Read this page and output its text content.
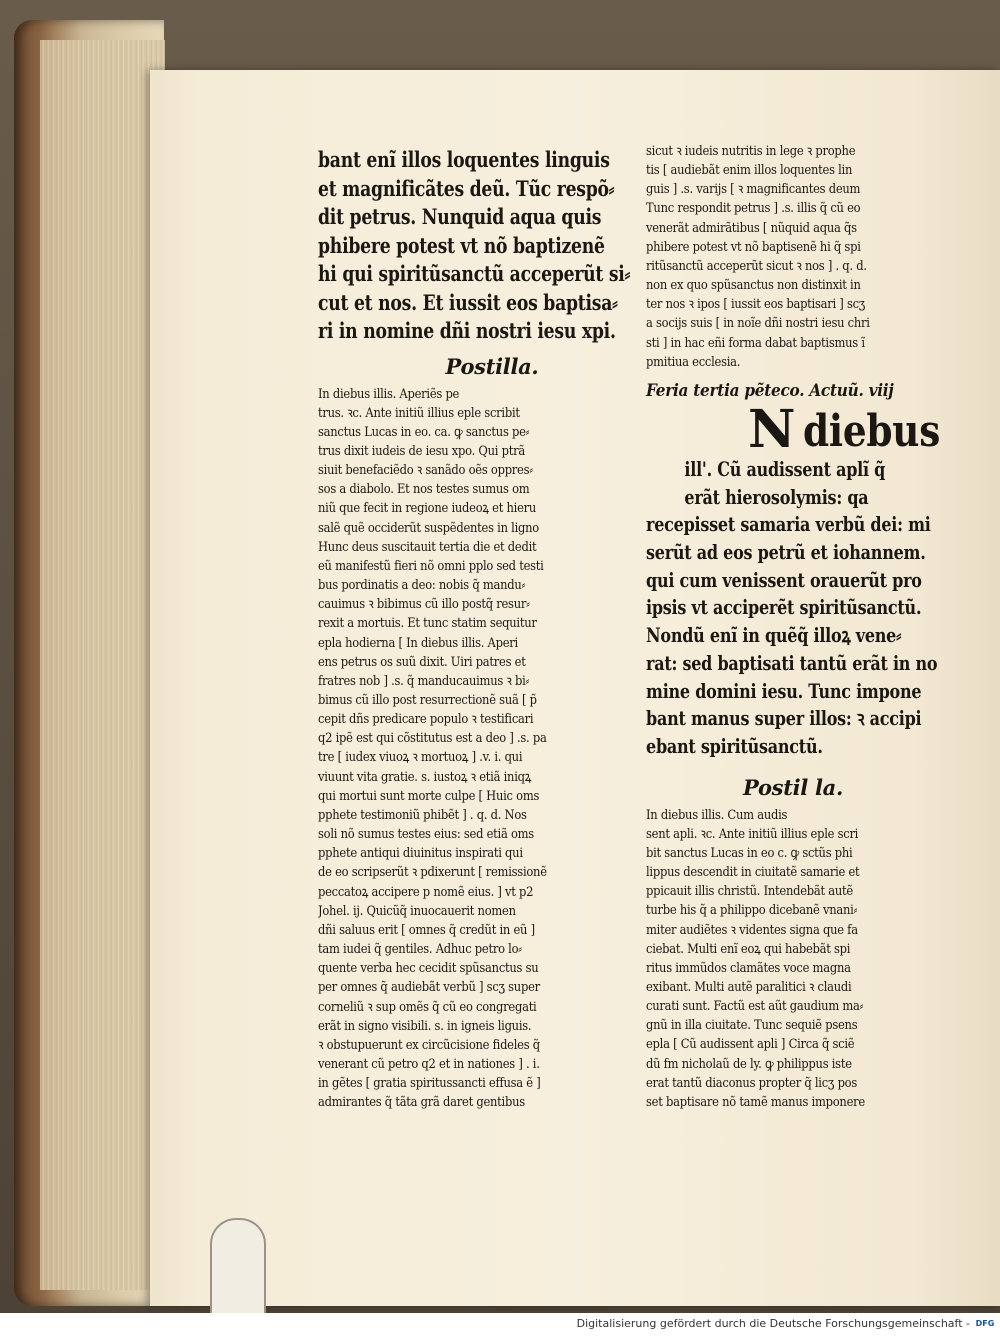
bant enĩ illos loquentes linguis
et magnificãtes deũ. Tũc respõ⸗
dit petrus. Nunquid aqua quis
phibere potest vt nõ baptizenẽ
hi qui spiritũsanctũ acceperũt si⸗
cut et nos. Et iussit eos baptisa⸗
ri in nomine dñi nostri iesu xpi.
Postilla.
In diebus illis. Aperiẽs pe
trus. ꝛc. Ante initiũ illius eple scribit
sanctus Lucas in eo. ca. ꝙ sanctus pe⸗
trus dixit iudeis de iesu xpo. Qui ptrã
siuit benefaciẽdo ꝛ sanãdo oẽs oppres⸗
sos a diabolo. Et nos testes sumus om
niũ que fecit in regione iudeoꝝ et hieru
salẽ quẽ occiderũt suspẽdentes in ligno
Hunc deus suscitauit tertia die et dedit
eũ manifestũ fieri nõ omni pplo sed testi
bus pordinatis a deo: nobis q̃ mandu⸗
cauimus ꝛ bibimus cũ illo postq̃ resur⸗
rexit a mortuis. Et tunc statim sequitur
epla hodierna [ In diebus illis. Aperi
ens petrus os suũ dixit. Uiri patres et
fratres nob ] .s. q̃ manducauimus ꝛ bi⸗
bimus cũ illo post resurrectionẽ suã [ p̃
cepit dñs predicare populo ꝛ testificari
q2 ipẽ est qui cõstitutus est a deo ] .s. pa
tre [ iudex viuoꝝ ꝛ mortuoꝝ ] .v. i. qui
viuunt vita gratie. s. iustoꝝ ꝛ etiã iniqꝝ
qui mortui sunt morte culpe [ Huic oms
pphete testimoniũ phibẽt ] . q. d. Nos
soli nõ sumus testes eius: sed etiã oms
pphete antiqui diuinitus inspirati qui
de eo scripserũt ꝛ pdixerunt [ remissionẽ
peccatoꝝ accipere p nomẽ eius. ] vt p2
Johel. ij. Quicũq̃ inuocauerit nomen
dñi saluus erit [ omnes q̃ credũt in eũ ]
tam iudei q̃ gentiles. Adhuc petro lo⸗
quente verba hec cecidit spũsanctus su
per omnes q̃ audiebãt verbũ ] scʒ super
corneliũ ꝛ sup omẽs q̃ cũ eo congregati
erãt in signo visibili. s. in igneis liguis.
ꝛ obstupuerunt ex circũcisione fideles q̃
venerant cũ petro q2 et in nationes ] . i.
in gẽtes [ gratia spiritussancti effusa ẽ ]
admirantes q̃ tãta grã daret gentibus
sicut ꝛ iudeis nutritis in lege ꝛ prophe
tis [ audiebãt enim illos loquentes lin
guis ] .s. varijs [ ꝛ magnificantes deum
Tunc respondit petrus ] .s. illis q̃ cũ eo
venerãt admirãtibus [ nũquid aqua q̃s
phibere potest vt nõ baptisenẽ hi q̃ spi
ritũsanctũ acceperũt sicut ꝛ nos ] . q. d.
non ex quo spũsanctus non distinxit in
ter nos ꝛ ipos [ iussit eos baptisari ] scʒ
a socijs suis [ in noĩe dñi nostri iesu chri
sti ] in hac eñi forma dabat baptismus ĩ
pmitiua ecclesia.
Feria tertia pẽteco. Actuũ. viij
N diebus
ill'. Cũ audissent aplĩ q̃
erãt hierosolymis: qa
recepisset samaria verbũ dei: mi
serũt ad eos petrũ et iohannem.
qui cum venissent orauerũt pro
ipsis vt acciperẽt spiritũsanctũ.
Nondũ enĩ in quẽq̃ illoꝝ vene⸗
rat: sed baptisati tantũ erãt in no
mine domini iesu. Tunc impone
bant manus super illos: ꝛ accipi
ebant spiritũsanctũ.
Postil la.
In diebus illis. Cum audis
sent apli. ꝛc. Ante initiũ illius eple scri
bit sanctus Lucas in eo c. ꝙ sctũs phi
lippus descendit in ciuitatẽ samarie et
ppicauit illis christũ. Intendebãt autẽ
turbe his q̃ a philippo dicebanẽ vnani⸗
miter audiẽtes ꝛ videntes signa que fa
ciebat. Multi enĩ eoꝝ qui habebãt spi
ritus immũdos clamãtes voce magna
exibant. Multi autẽ paralitici ꝛ claudi
curati sunt. Factũ est aũt gaudium ma⸗
gnũ in illa ciuitate. Tunc sequiẽ psens
epla [ Cũ audissent apli ] Circa q̃ sciẽ
dũ fm nicholaũ de ly. ꝙ philippus iste
erat tantũ diaconus propter q̃ licʒ pos
set baptisare nõ tamẽ manus imponere
Digitalisierung gefördert durch die Deutsche Forschungsgemeinschaft - DFG
